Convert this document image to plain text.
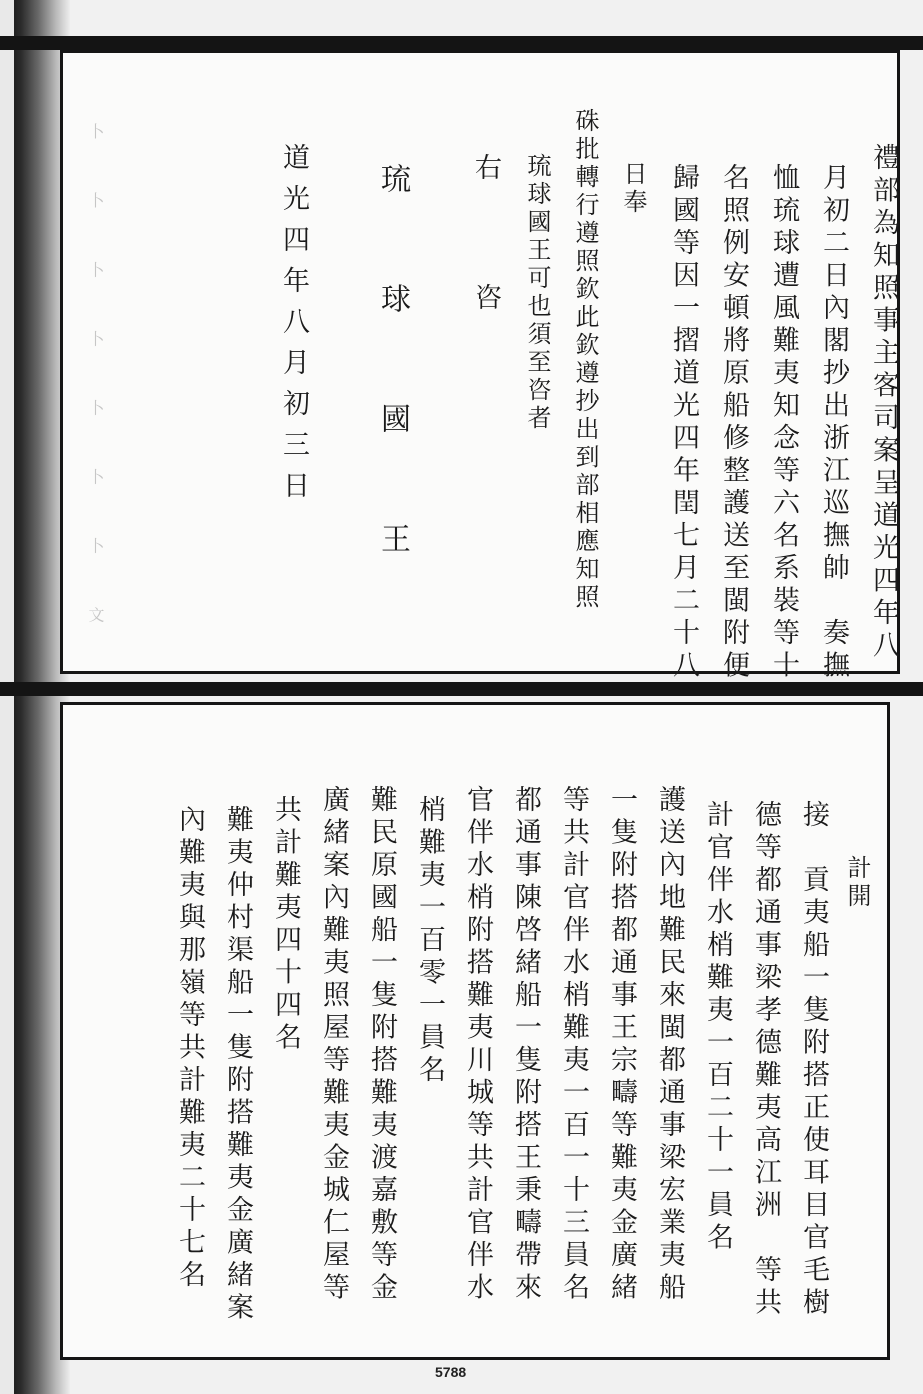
禮部為知照事主客司案呈道光四年八
月初二日內閣抄出浙江巡撫帥　奏撫
恤琉球遭風難夷知念等六名系裝等十
名照例安頓將原船修整護送至閩附便
歸國等因一摺道光四年閏七月二十八
日奉
硃批轉行遵照欽此欽遵抄出到部相應知照
琉球國王可也須至咨者
右　　　咨
琉　球　國　王
道光四年八月初三日
卜 卜 卜 卜 卜 卜 卜 文
計開
接　貢夷船一隻附搭正使耳目官毛樹
德等都通事梁孝德難夷高江洲　等共
計官伴水梢難夷一百二十一員名
護送內地難民來閩都通事梁宏業夷船
一隻附搭都通事王宗疇等難夷金廣緒
等共計官伴水梢難夷一百一十三員名
都通事陳啓緒船一隻附搭王秉疇帶來
官伴水梢附搭難夷川城等共計官伴水
梢難夷一百零一員名
難民原國船一隻附搭難夷渡嘉敷等金
廣緒案內難夷照屋等難夷金城仁屋等
共計難夷四十四名
難夷仲村渠船一隻附搭難夷金廣緒案
內難夷與那嶺等共計難夷二十七名
5788
